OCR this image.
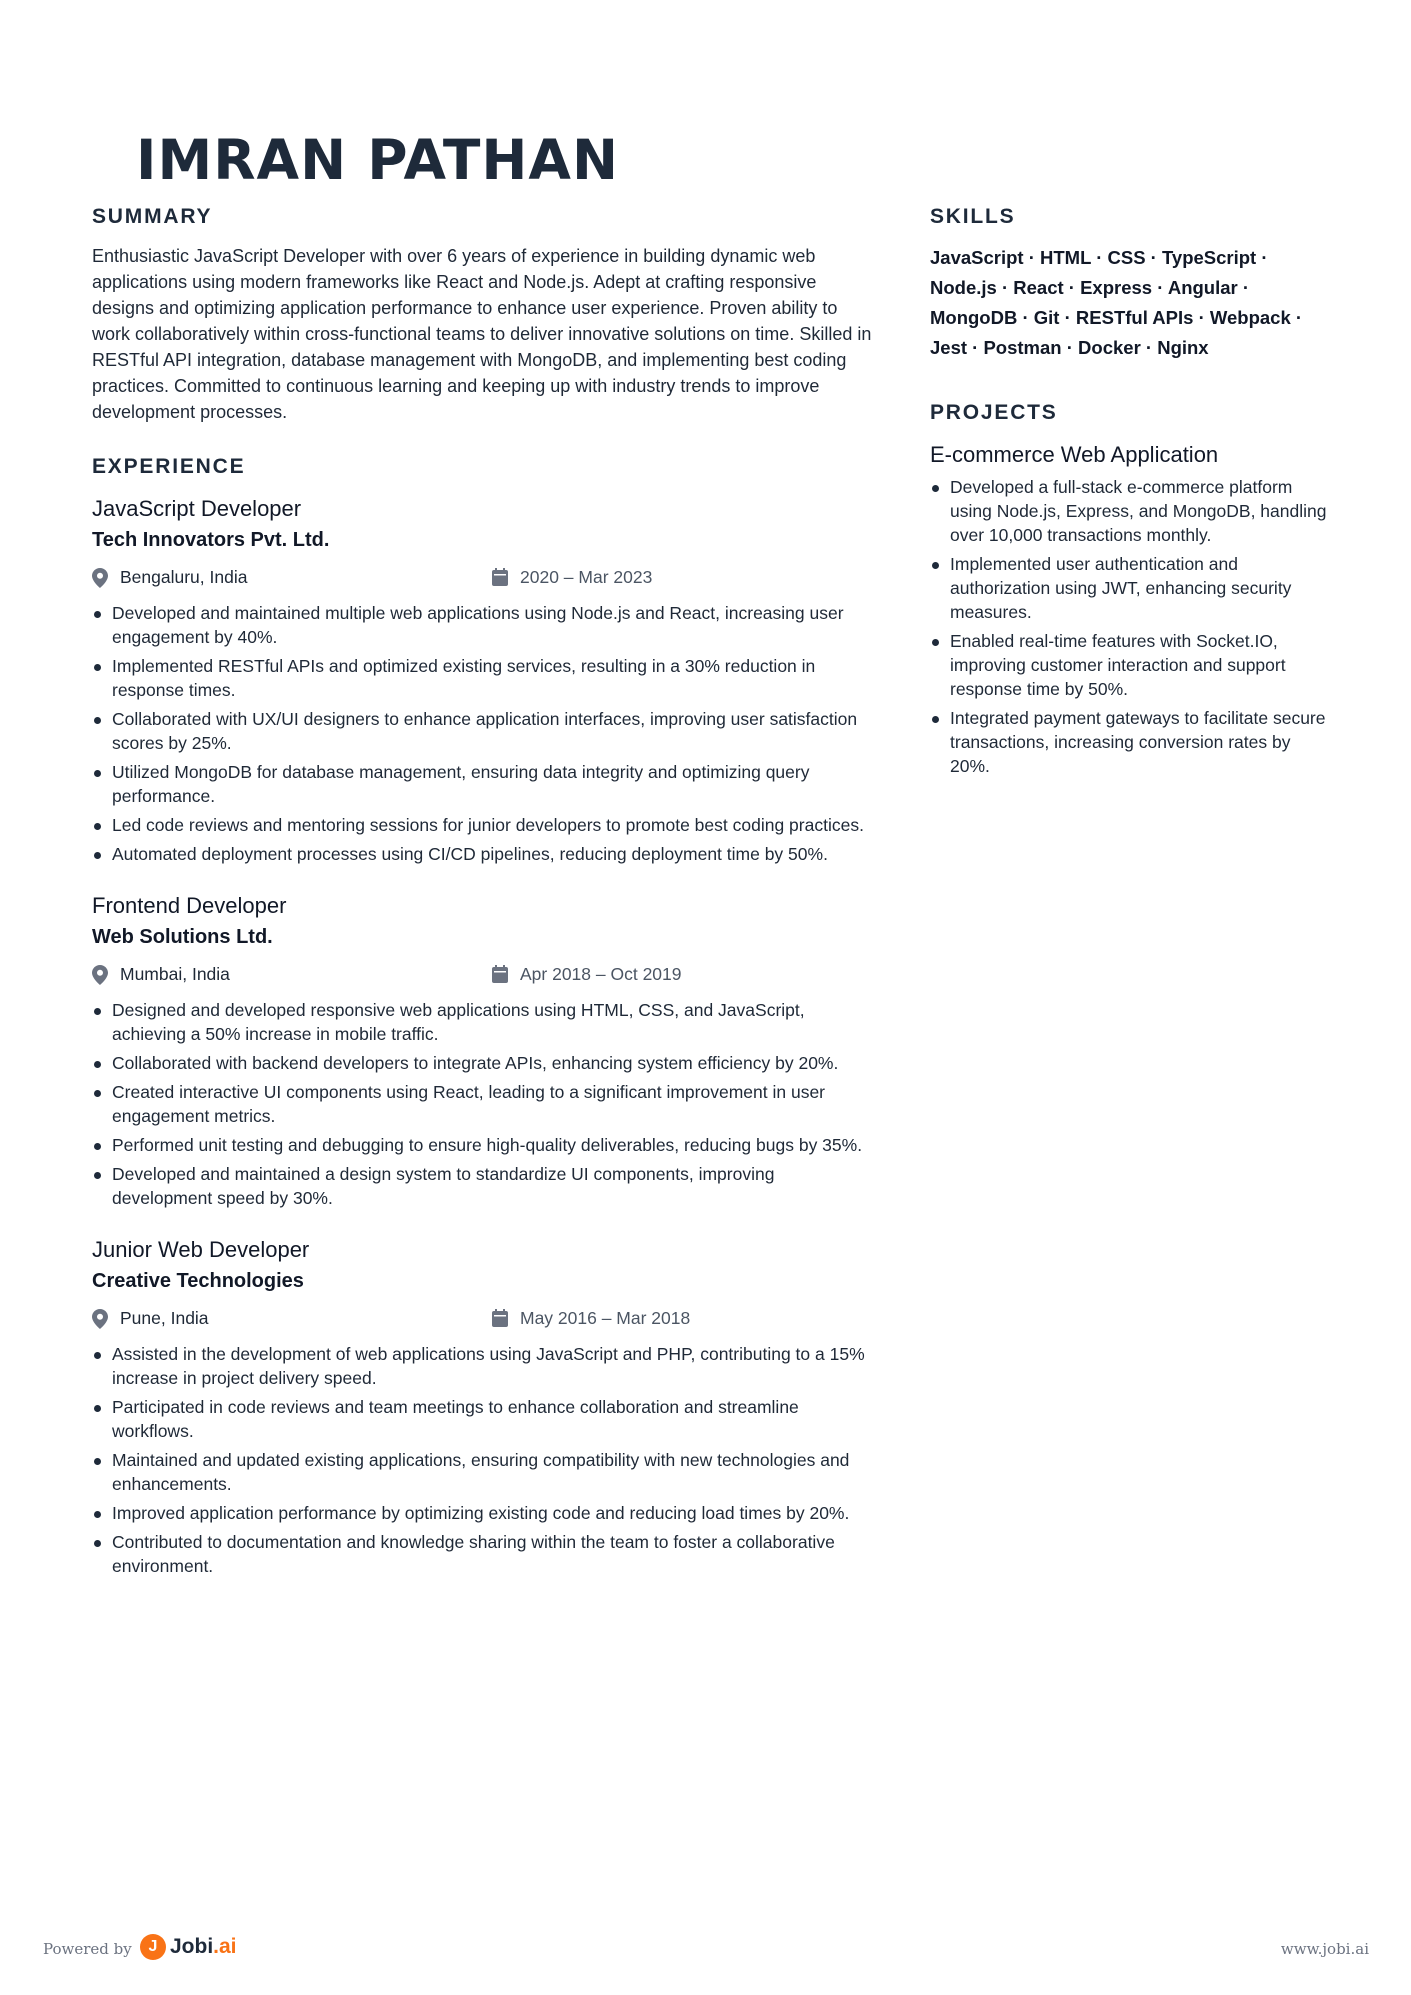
IMRAN PATHAN
SUMMARY

Enthusiastic JavaScript Developer with over 6 years of experience in building dynamic web applications using modern frameworks like React and Node.js. Adept at crafting responsive designs and optimizing application performance to enhance user experience. Proven ability to work collaboratively within cross-functional teams to deliver innovative solutions on time. Skilled in RESTful API integration, database management with MongoDB, and implementing best coding practices. Committed to continuous learning and keeping up with industry trends to improve development processes.

EXPERIENCE

JavaScript Developer

Tech Innovators Pvt. Ltd.

Bengaluru, India	2020 – Mar 2023
Developed and maintained multiple web applications using Node.js and React, increasing user engagement by 40%.
Implemented RESTful APIs and optimized existing services, resulting in a 30% reduction in response times.
Collaborated with UX/UI designers to enhance application interfaces, improving user satisfaction scores by 25%.
Utilized MongoDB for database management, ensuring data integrity and optimizing query performance.
Led code reviews and mentoring sessions for junior developers to promote best coding practices.
Automated deployment processes using CI/CD pipelines, reducing deployment time by 50%.

Frontend Developer

Web Solutions Ltd.

Mumbai, India	Apr 2018 – Oct 2019
Designed and developed responsive web applications using HTML, CSS, and JavaScript, achieving a 50% increase in mobile traffic.
Collaborated with backend developers to integrate APIs, enhancing system efficiency by 20%.
Created interactive UI components using React, leading to a significant improvement in user engagement metrics.
Performed unit testing and debugging to ensure high-quality deliverables, reducing bugs by 35%.
Developed and maintained a design system to standardize UI components, improving development speed by 30%.

Junior Web Developer

Creative Technologies

Pune, India	May 2016 – Mar 2018
Assisted in the development of web applications using JavaScript and PHP, contributing to a 15% increase in project delivery speed.
Participated in code reviews and team meetings to enhance collaboration and streamline workflows.
Maintained and updated existing applications, ensuring compatibility with new technologies and enhancements.
Improved application performance by optimizing existing code and reducing load times by 20%.
Contributed to documentation and knowledge sharing within the team to foster a collaborative environment.
SKILLS

JavaScript · HTML · CSS · TypeScript · Node.js · React · Express · Angular · MongoDB · Git · RESTful APIs · Webpack · Jest · Postman · Docker · Nginx

PROJECTS

E-commerce Web Application

Developed a full-stack e-commerce platform using Node.js, Express, and MongoDB, handling over 10,000 transactions monthly.
Implemented user authentication and authorization using JWT, enhancing security measures.
Enabled real-time features with Socket.IO, improving customer interaction and support response time by 50%.
Integrated payment gateways to facilitate secure transactions, increasing conversion rates by 20%.
Powered by	J Jobi.ai	www.jobi.ai
